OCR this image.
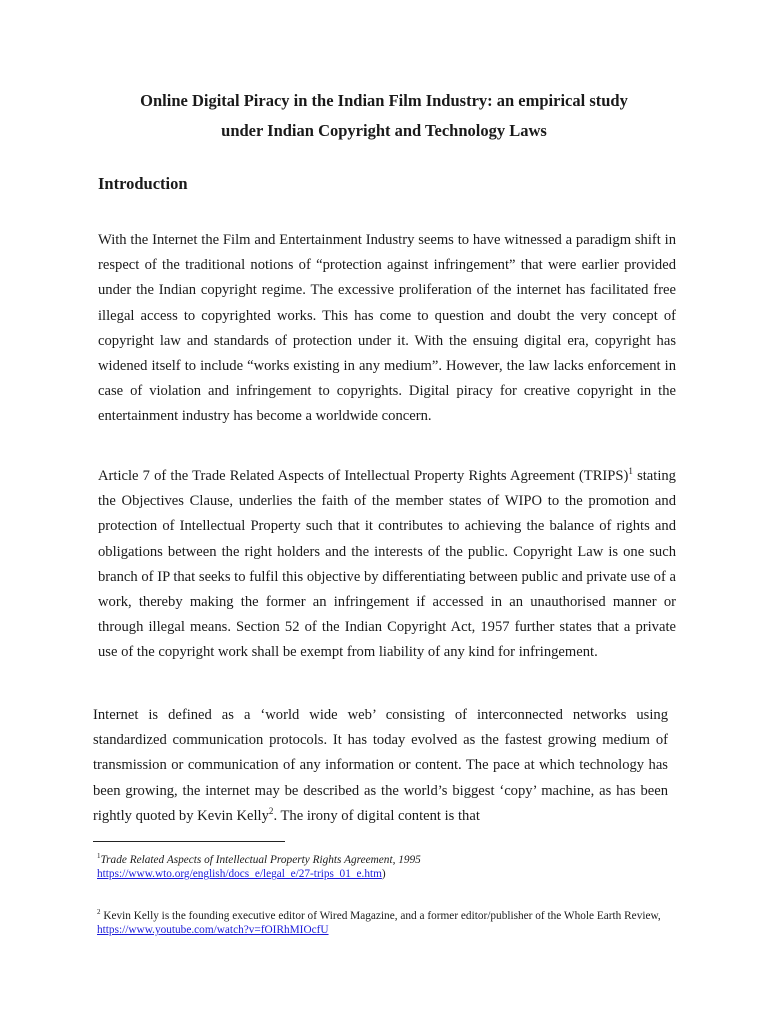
Online Digital Piracy in the Indian Film Industry: an empirical study
under Indian Copyright and Technology Laws
Introduction

With the Internet the Film and Entertainment Industry seems to have witnessed a paradigm shift in respect of the traditional notions of “protection against infringement” that were earlier provided under the Indian copyright regime. The excessive proliferation of the internet has facilitated free illegal access to copyrighted works. This has come to question and doubt the very concept of copyright law and standards of protection under it. With the ensuing digital era, copyright has widened itself to include “works existing in any medium”. However, the law lacks enforcement in case of violation and infringement to copyrights. Digital piracy for creative copyright in the entertainment industry has become a worldwide concern.

Article 7 of the Trade Related Aspects of Intellectual Property Rights Agreement (TRIPS)$^1$ stating the Objectives Clause, underlies the faith of the member states of WIPO to the promotion and protection of Intellectual Property such that it contributes to achieving the balance of rights and obligations between the right holders and the interests of the public. Copyright Law is one such branch of IP that seeks to fulfil this objective by differentiating between public and private use of a work, thereby making the former an infringement if accessed in an unauthorised manner or through illegal means. Section 52 of the Indian Copyright Act, 1957 further states that a private use of the copyright work shall be exempt from liability of any kind for infringement.

Internet is defined as a ‘world wide web’ consisting of interconnected networks using standardized communication protocols. It has today evolved as the fastest growing medium of transmission or communication of any information or content. The pace at which technology has been growing, the internet may be described as the world’s biggest ‘copy’ machine, as has been rightly quoted by Kevin Kelly$^2$. The irony of digital content is that

$^1$Trade Related Aspects of Intellectual Property Rights Agreement, 1995 https://www.wto.org/english/docs_e/legal_e/27-trips_01_e.htm)

$^2$ Kevin Kelly is the founding executive editor of Wired Magazine, and a former editor/publisher of the Whole Earth Review, https://www.youtube.com/watch?v=fOIRhMIOcfU
